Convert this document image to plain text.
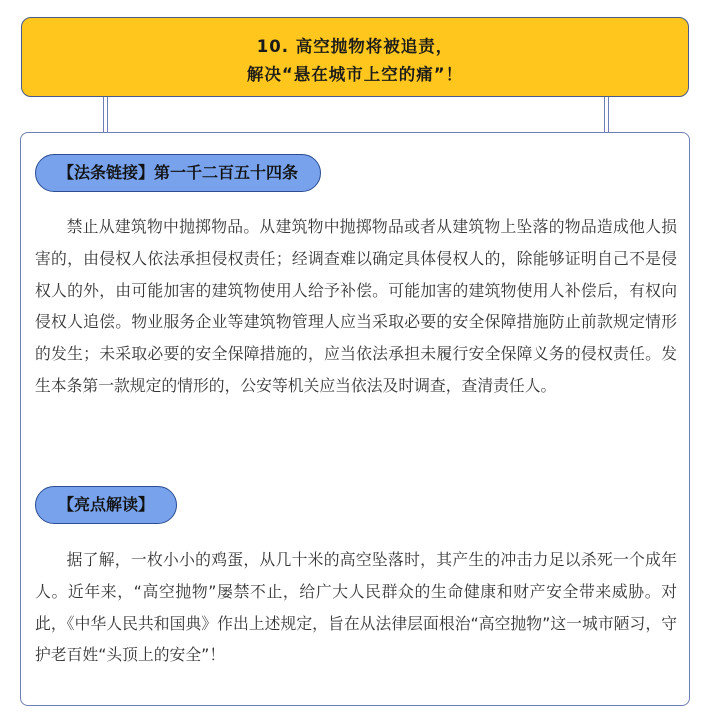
10. 高空抛物将被追责，
解决“悬在城市上空的痛”！
【法条链接】第一千二百五十四条

禁止从建筑物中抛掷物品。从建筑物中抛掷物品或者从建筑物上坠落的物品造成他人损害的，由侵权人依法承担侵权责任；经调查难以确定具体侵权人的，除能够证明自己不是侵权人的外，由可能加害的建筑物使用人给予补偿。可能加害的建筑物使用人补偿后，有权向侵权人追偿。物业服务企业等建筑物管理人应当采取必要的安全保障措施防止前款规定情形的发生；未采取必要的安全保障措施的，应当依法承担未履行安全保障义务的侵权责任。发生本条第一款规定的情形的，公安等机关应当依法及时调查，查清责任人。

【亮点解读】

据了解，一枚小小的鸡蛋，从几十米的高空坠落时，其产生的冲击力足以杀死一个成年人。近年来，“高空抛物”屡禁不止，给广大人民群众的生命健康和财产安全带来威胁。对此，《中华人民共和国典》作出上述规定，旨在从法律层面根治“高空抛物”这一城市陋习，守护老百姓“头顶上的安全”！
